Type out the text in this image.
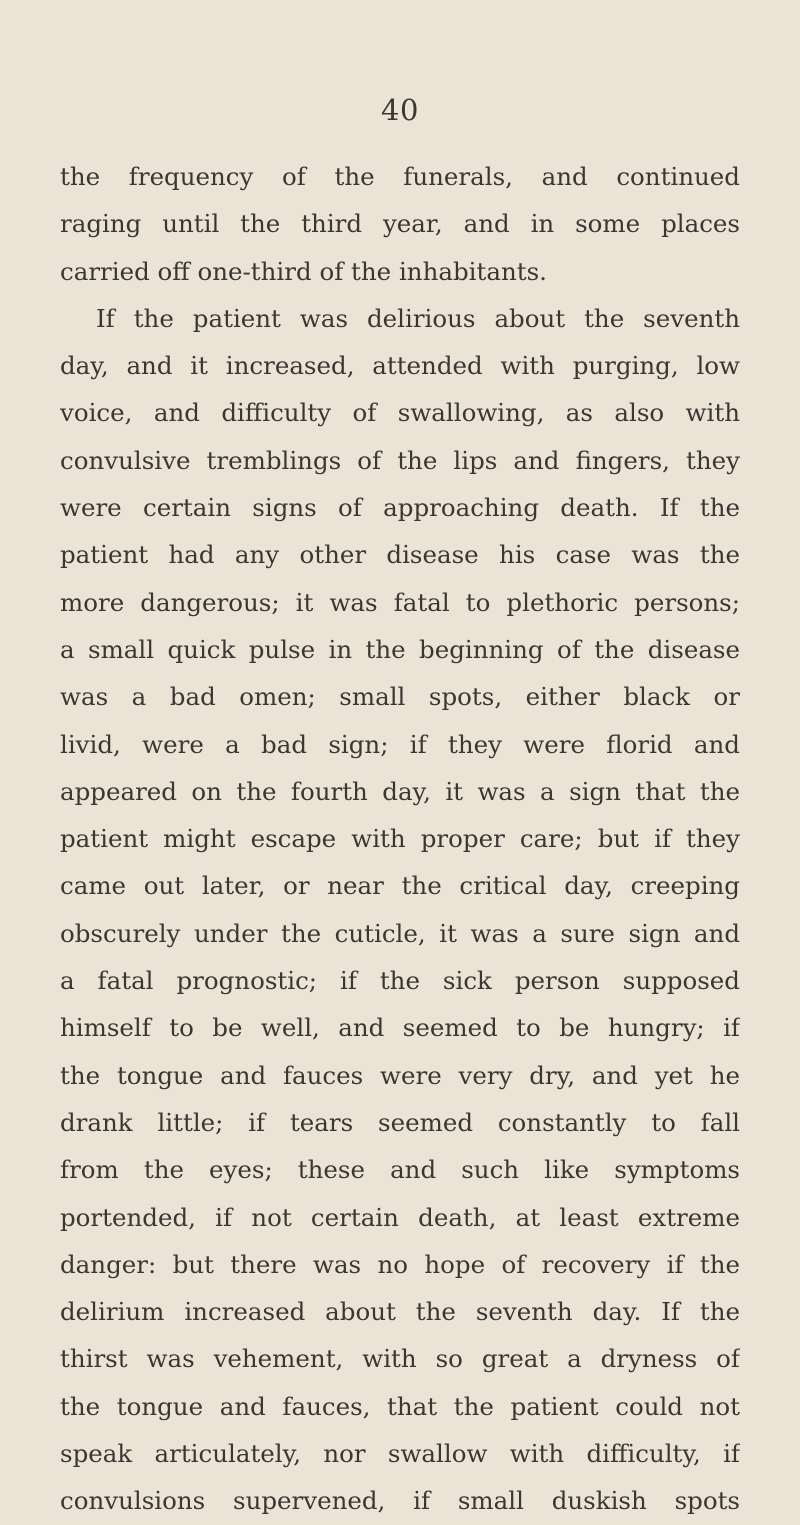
40
the frequency of the funerals, and continued
raging until the third year, and in some places
carried off one-third of the inhabitants.
If the patient was delirious about the seventh
day, and it increased, attended with purging, low
voice, and difficulty of swallowing, as also with
convulsive tremblings of the lips and fingers, they
were certain signs of approaching death. If the
patient had any other disease his case was the
more dangerous; it was fatal to plethoric persons;
a small quick pulse in the beginning of the disease
was a bad omen; small spots, either black or
livid, were a bad sign; if they were florid and
appeared on the fourth day, it was a sign that the
patient might escape with proper care; but if they
came out later, or near the critical day, creeping
obscurely under the cuticle, it was a sure sign and
a fatal prognostic; if the sick person supposed
himself to be well, and seemed to be hungry; if
the tongue and fauces were very dry, and yet he
drank little; if tears seemed constantly to fall
from the eyes; these and such like symptoms
portended, if not certain death, at least extreme
danger: but there was no hope of recovery if the
delirium increased about the seventh day. If the
thirst was vehement, with so great a dryness of
the tongue and fauces, that the patient could not
speak articulately, nor swallow with difficulty, if
convulsions supervened, if small duskish spots
